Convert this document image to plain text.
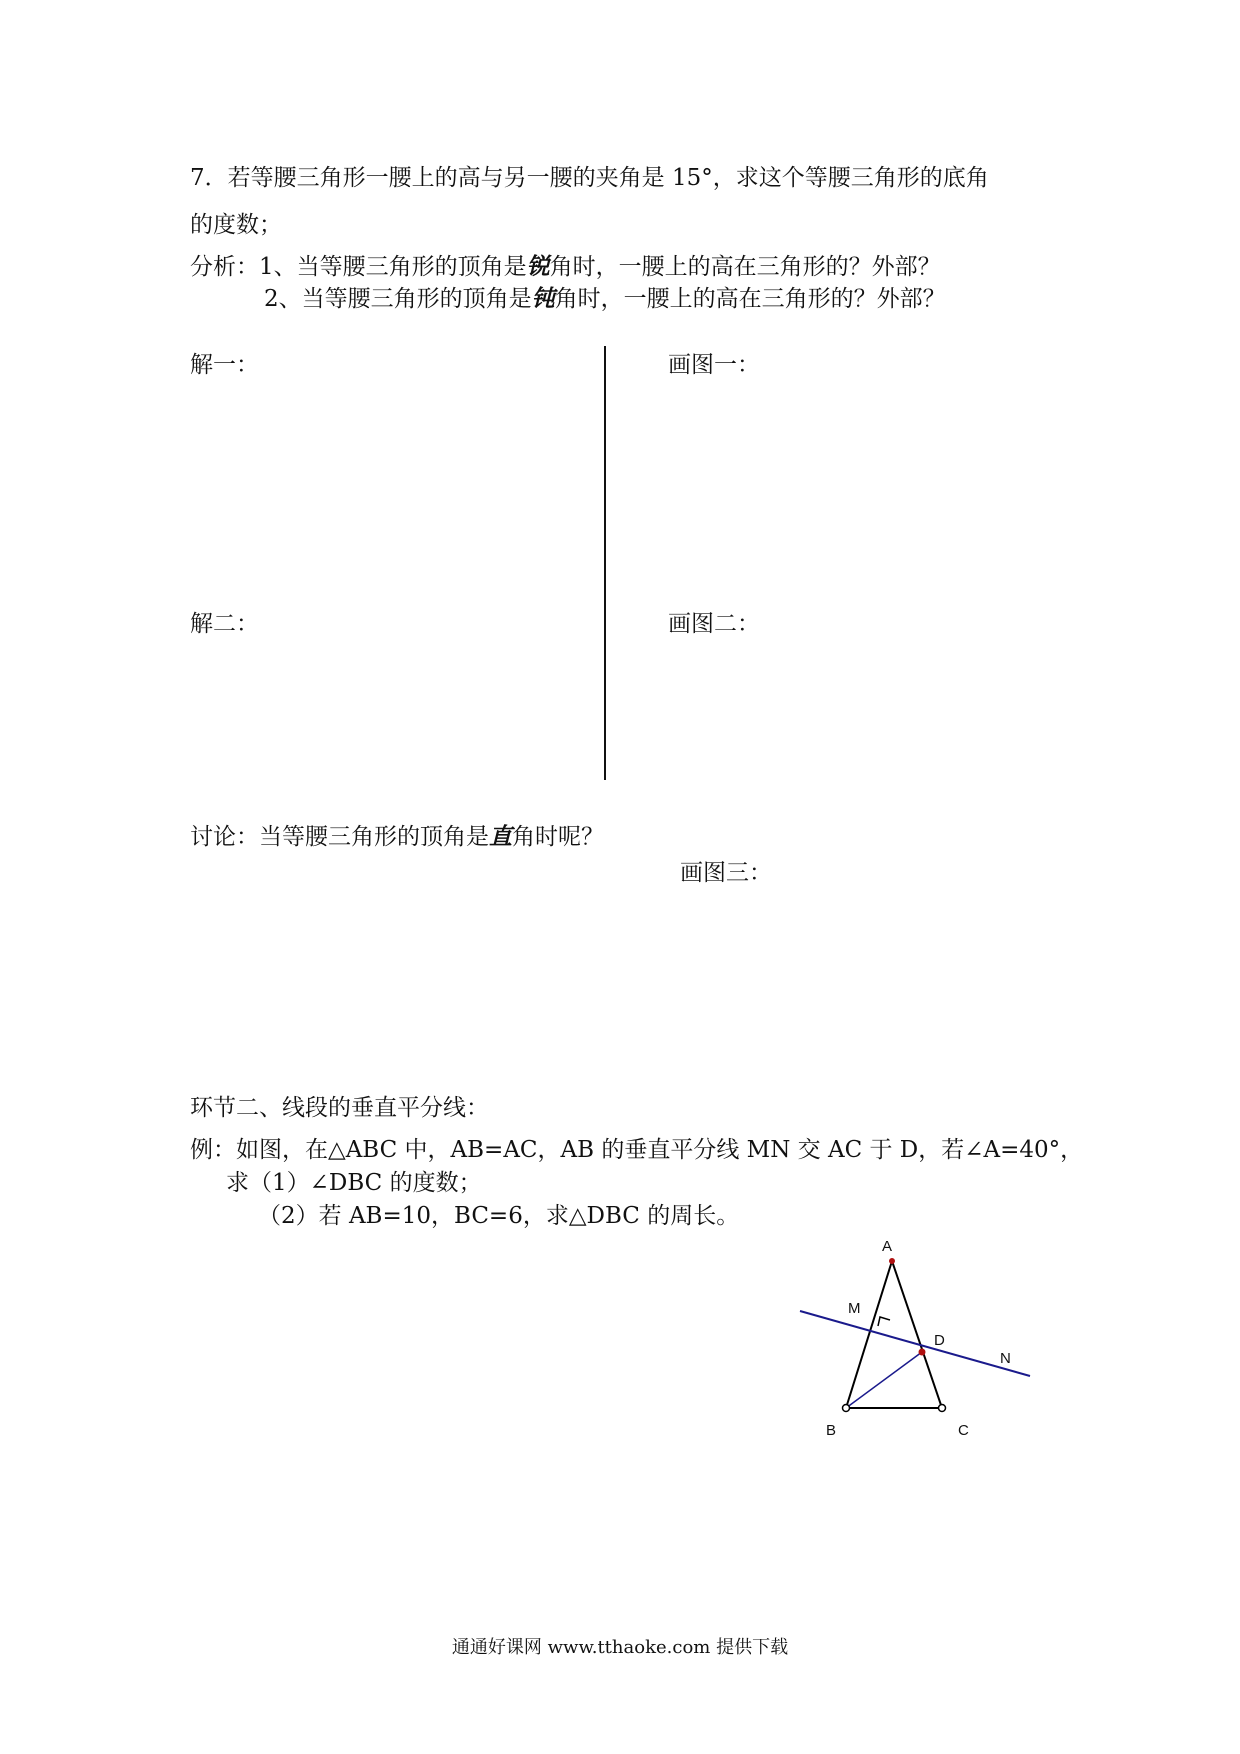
7．若等腰三角形一腰上的高与另一腰的夹角是 15°，求这个等腰三角形的底角
的度数；
分析：1、当等腰三角形的顶角是锐角时，一腰上的高在三角形的？外部？
2、当等腰三角形的顶角是钝角时，一腰上的高在三角形的？外部？
解一：	画图一：
解二：	画图二：
讨论：当等腰三角形的顶角是直角时呢？
画图三：
环节二、线段的垂直平分线：
例：如图，在△ABC 中，AB=AC，AB 的垂直平分线 MN 交 AC 于 D，若∠A=40°，
求（1）∠DBC 的度数；
（2）若 AB=10，BC=6，求△DBC 的周长。
A
M
D
N
B	C
通通好课网 www.tthaoke.com 提供下载
